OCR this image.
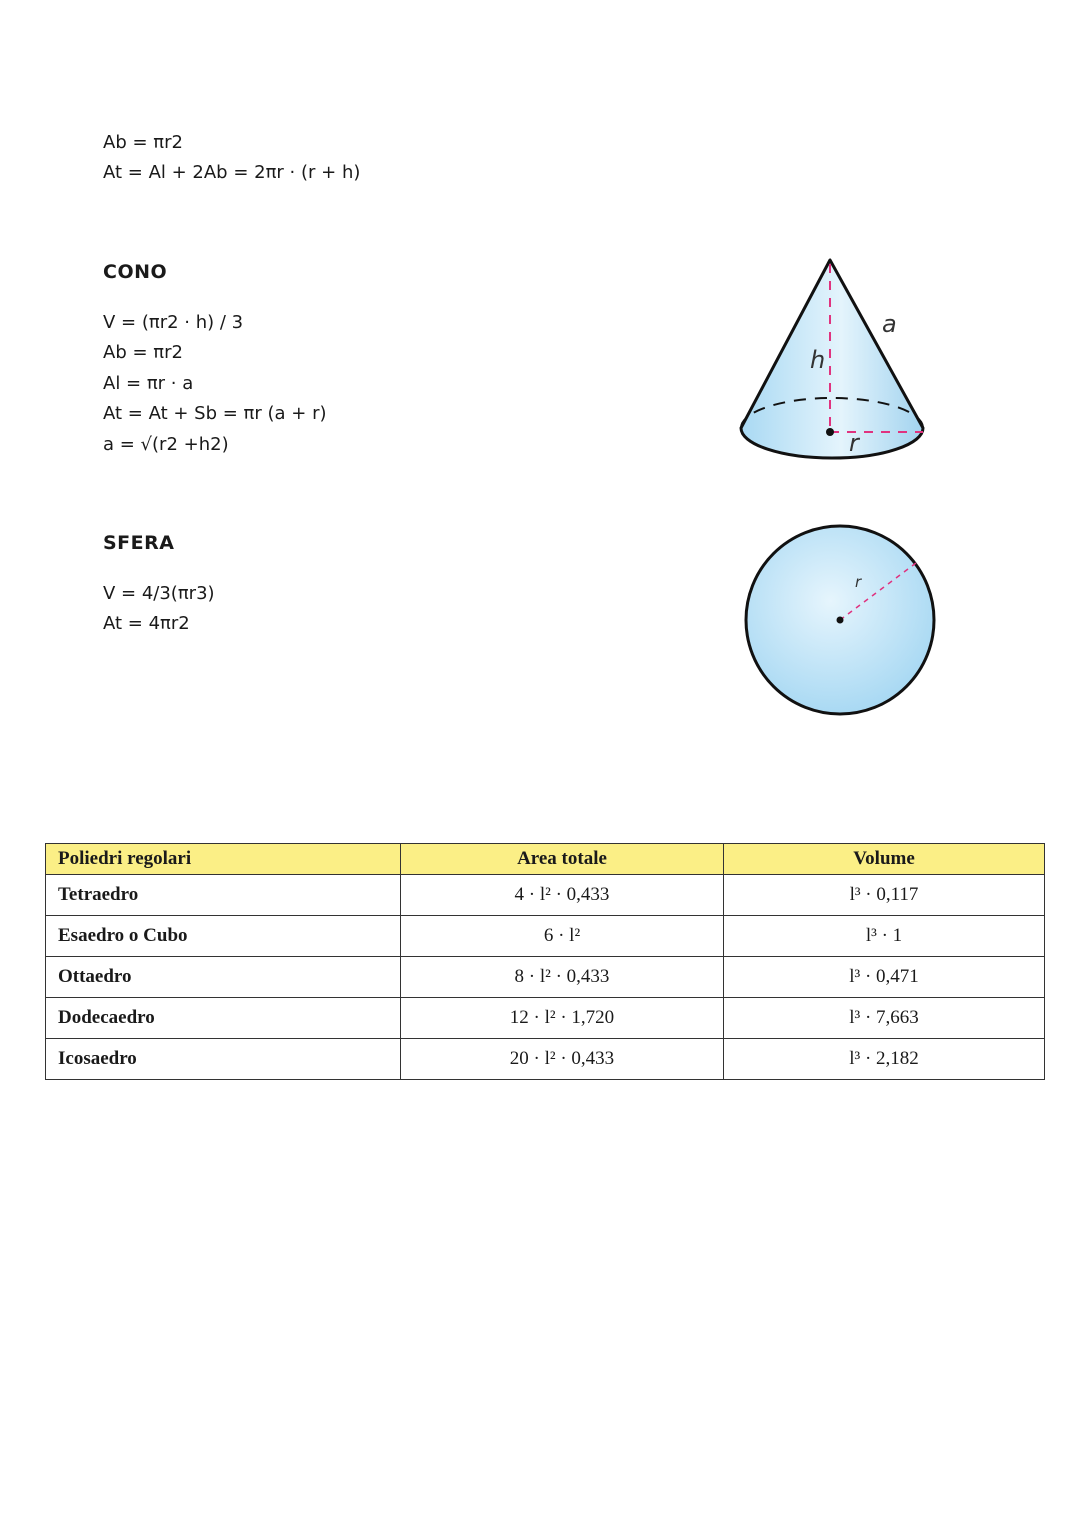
Ab = πr2
At = Al + 2Ab = 2πr · (r + h)
CONO
V = (πr2 · h) / 3
Ab = πr2
Al = πr · a
At = At + Sb = πr (a + r)
a = √(r2 +h2)
a
h
r
SFERA
V = 4/3(πr3)
At = 4πr2
r
Poliedri regolari	Area totale	Volume
Tetraedro	4 · l² · 0,433	l³ · 0,117
Esaedro o Cubo	6 · l²	l³ · 1
Ottaedro	8 · l² · 0,433	l³ · 0,471
Dodecaedro	12 · l² · 1,720	l³ · 7,663
Icosaedro	20 · l² · 0,433	l³ · 2,182
